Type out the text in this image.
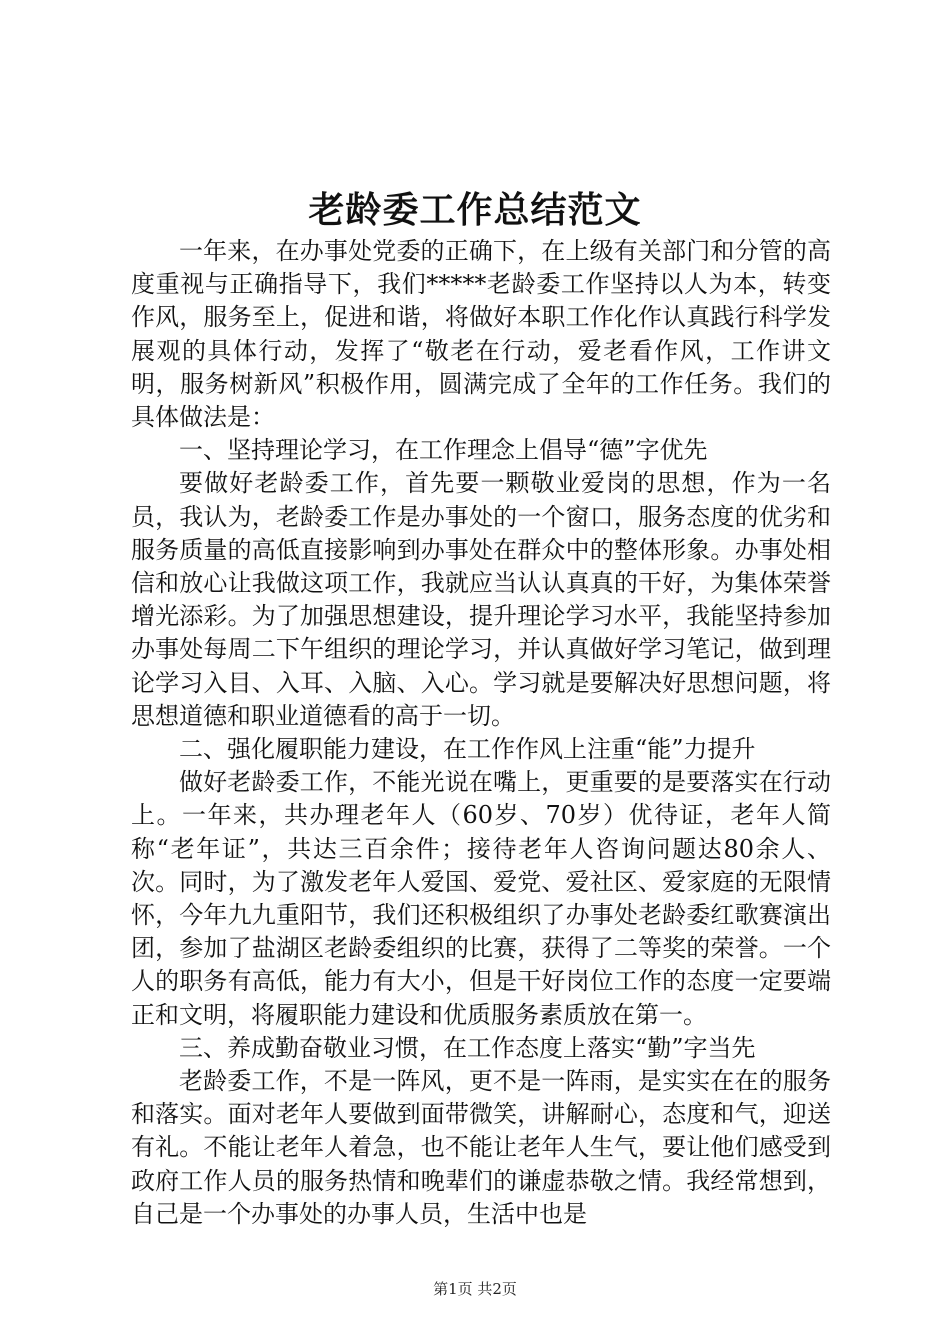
老龄委工作总结范文

一年来，在办事处党委的正确下，在上级有关部门和分管的高度重视与正确指导下，我们*****老龄委工作坚持以人为本，转变作风，服务至上，促进和谐，将做好本职工作化作认真践行科学发展观的具体行动，发挥了“敬老在行动，爱老看作风，工作讲文明，服务树新风”积极作用，圆满完成了全年的工作任务。我们的具体做法是：

一、坚持理论学习，在工作理念上倡导“德”字优先

要做好老龄委工作，首先要一颗敬业爱岗的思想，作为一名员，我认为，老龄委工作是办事处的一个窗口，服务态度的优劣和服务质量的高低直接影响到办事处在群众中的整体形象。办事处相信和放心让我做这项工作，我就应当认认真真的干好，为集体荣誉增光添彩。为了加强思想建设，提升理论学习水平，我能坚持参加办事处每周二下午组织的理论学习，并认真做好学习笔记，做到理论学习入目、入耳、入脑、入心。学习就是要解决好思想问题，将思想道德和职业道德看的高于一切。

二、强化履职能力建设，在工作作风上注重“能”力提升

做好老龄委工作，不能光说在嘴上，更重要的是要落实在行动上。一年来，共办理老年人（60岁、70岁）优待证，老年人简称“老年证”，共达三百余件；接待老年人咨询问题达80余人、次。同时，为了激发老年人爱国、爱党、爱社区、爱家庭的无限情怀，今年九九重阳节，我们还积极组织了办事处老龄委红歌赛演出团，参加了盐湖区老龄委组织的比赛，获得了二等奖的荣誉。一个人的职务有高低，能力有大小，但是干好岗位工作的态度一定要端正和文明，将履职能力建设和优质服务素质放在第一。

三、养成勤奋敬业习惯，在工作态度上落实“勤”字当先

老龄委工作，不是一阵风，更不是一阵雨，是实实在在的服务和落实。面对老年人要做到面带微笑，讲解耐心，态度和气，迎送有礼。不能让老年人着急，也不能让老年人生气，要让他们感受到政府工作人员的服务热情和晚辈们的谦虚恭敬之情。我经常想到，自己是一个办事处的办事人员，生活中也是

第1页 共2页
